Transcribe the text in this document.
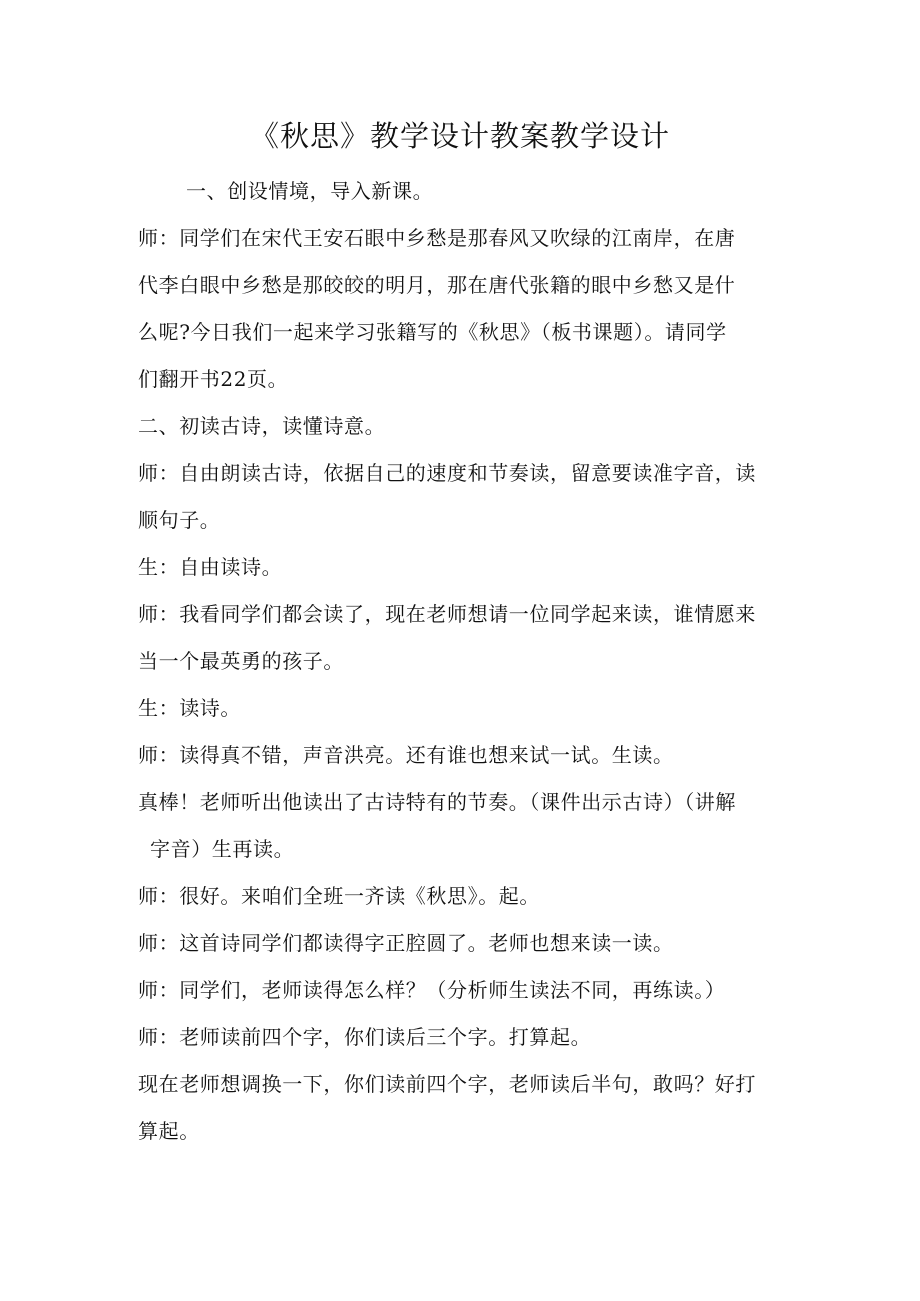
《秋思》教学设计教案教学设计

一、创设情境，导入新课。

师：同学们在宋代王安石眼中乡愁是那春风又吹绿的江南岸，在唐

代李白眼中乡愁是那皎皎的明月，那在唐代张籍的眼中乡愁又是什

么呢?今日我们一起来学习张籍写的《秋思》（板书课题）。请同学

们翻开书22页。

二、初读古诗，读懂诗意。

师：自由朗读古诗，依据自己的速度和节奏读，留意要读准字音，读

顺句子。

生：自由读诗。

师：我看同学们都会读了，现在老师想请一位同学起来读，谁情愿来

当一个最英勇的孩子。

生：读诗。

师：读得真不错，声音洪亮。还有谁也想来试一试。生读。

真棒！老师听出他读出了古诗特有的节奏。（课件出示古诗）（讲解

字音）生再读。

师：很好。来咱们全班一齐读《秋思》。起。

师：这首诗同学们都读得字正腔圆了。老师也想来读一读。

师：同学们，老师读得怎么样？（分析师生读法不同，再练读。）

师：老师读前四个字，你们读后三个字。打算起。

现在老师想调换一下，你们读前四个字，老师读后半句，敢吗？好打

算起。
